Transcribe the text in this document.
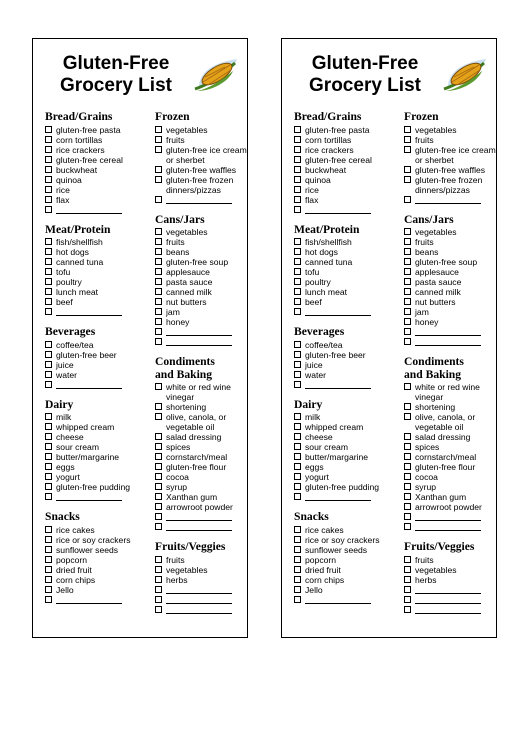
Gluten-Free
Grocery List
Bread/Grains
gluten-free pasta
corn tortillas
rice crackers
gluten-free cereal
buckwheat
quinoa
rice
flax
Meat/Protein
fish/shellfish
hot dogs
canned tuna
tofu
poultry
lunch meat
beef
Beverages
coffee/tea
gluten-free beer
juice
water
Dairy
milk
whipped cream
cheese
sour cream
butter/margarine
eggs
yogurt
gluten-free pudding
Snacks
rice cakes
rice or soy crackers
sunflower seeds
popcorn
dried fruit
corn chips
Jello
Frozen
vegetables
fruits
gluten-free ice cream or sherbet
gluten-free waffles
gluten-free frozen dinners/pizzas
Cans/Jars
vegetables
fruits
beans
gluten-free soup
applesauce
pasta sauce
canned milk
nut butters
jam
honey
Condiments
and Baking
white or red wine vinegar
shortening
olive, canola, or vegetable oil
salad dressing
spices
cornstarch/meal
gluten-free flour
cocoa
syrup
Xanthan gum
arrowroot powder
Fruits/Veggies
fruits
vegetables
herbs
Gluten-Free
Grocery List
Bread/Grains
gluten-free pasta
corn tortillas
rice crackers
gluten-free cereal
buckwheat
quinoa
rice
flax
Meat/Protein
fish/shellfish
hot dogs
canned tuna
tofu
poultry
lunch meat
beef
Beverages
coffee/tea
gluten-free beer
juice
water
Dairy
milk
whipped cream
cheese
sour cream
butter/margarine
eggs
yogurt
gluten-free pudding
Snacks
rice cakes
rice or soy crackers
sunflower seeds
popcorn
dried fruit
corn chips
Jello
Frozen
vegetables
fruits
gluten-free ice cream or sherbet
gluten-free waffles
gluten-free frozen dinners/pizzas
Cans/Jars
vegetables
fruits
beans
gluten-free soup
applesauce
pasta sauce
canned milk
nut butters
jam
honey
Condiments
and Baking
white or red wine vinegar
shortening
olive, canola, or vegetable oil
salad dressing
spices
cornstarch/meal
gluten-free flour
cocoa
syrup
Xanthan gum
arrowroot powder
Fruits/Veggies
fruits
vegetables
herbs
